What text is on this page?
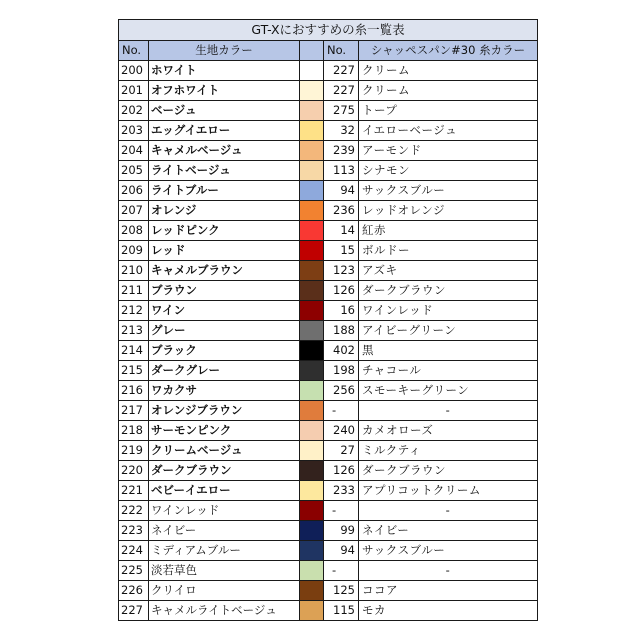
GT-Xにおすすめの糸一覧表				
No.	生地カラー		No.	シャッペスパン#30 糸カラー
200	ホワイト		227	クリーム
201	オフホワイト		227	クリーム
202	ベージュ		275	トープ
203	エッグイエロー		32	イエローベージュ
204	キャメルベージュ		239	アーモンド
205	ライトベージュ		113	シナモン
206	ライトブルー		94	サックスブルー
207	オレンジ		236	レッドオレンジ
208	レッドピンク		14	紅赤
209	レッド		15	ボルドー
210	キャメルブラウン		123	アズキ
211	ブラウン		126	ダークブラウン
212	ワイン		16	ワインレッド
213	グレー		188	アイビーグリーン
214	ブラック		402	黒
215	ダークグレー		198	チャコール
216	ワカクサ		256	スモーキーグリーン
217	オレンジブラウン		-	-
218	サーモンピンク		240	カメオローズ
219	クリームベージュ		27	ミルクティ
220	ダークブラウン		126	ダークブラウン
221	ベビーイエロー		233	アプリコットクリーム
222	ワインレッド		-	-
223	ネイビー		99	ネイビー
224	ミディアムブルー		94	サックスブルー
225	淡若草色		-	-
226	クリイロ		125	ココア
227	キャメルライトベージュ		115	モカ
